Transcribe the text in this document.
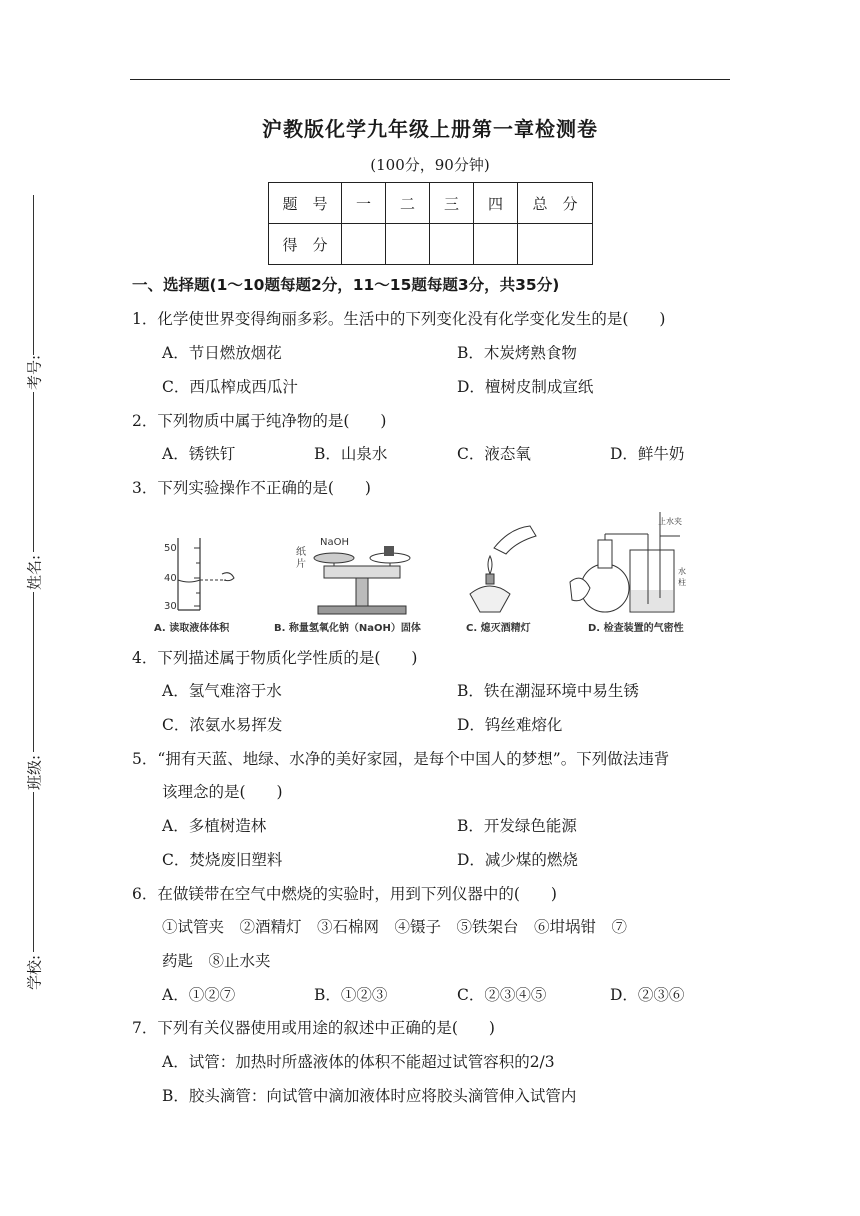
沪教版化学九年级上册第一章检测卷
(100分，90分钟)
题　号	一	二	三	四	总　分
得　分					
考号:
姓名:
班级:
学校:
一、选择题(1～10题每题2分，11～15题每题3分，共35分)
1．化学使世界变得绚丽多彩。生活中的下列变化没有化学变化发生的是(　　)
A．节日燃放烟花	B．木炭烤熟食物
C．西瓜榨成西瓜汁	D．檀树皮制成宣纸
2．下列物质中属于纯净物的是(　　)
A．锈铁钉	B．山泉水	C．液态氧	D．鲜牛奶
3．下列实验操作不正确的是(　　)
50
40
30
A. 读取液体体积
NaOH
纸
片
B. 称量氢氧化钠（NaOH）固体	C. 熄灭酒精灯
止水夹
水
柱
D. 检查装置的气密性
4．下列描述属于物质化学性质的是(　　)
A．氢气难溶于水	B．铁在潮湿环境中易生锈
C．浓氨水易挥发	D．钨丝难熔化
5．“拥有天蓝、地绿、水净的美好家园，是每个中国人的梦想”。下列做法违背
该理念的是(　　)
A．多植树造林	B．开发绿色能源
C．焚烧废旧塑料	D．减少煤的燃烧
6．在做镁带在空气中燃烧的实验时，用到下列仪器中的(　　)
①试管夹　②酒精灯　③石棉网　④镊子　⑤铁架台　⑥坩埚钳　⑦
药匙　⑧止水夹
A．①②⑦	B．①②③	C．②③④⑤	D．②③⑥
7．下列有关仪器使用或用途的叙述中正确的是(　　)
A．试管：加热时所盛液体的体积不能超过试管容积的2/3
B．胶头滴管：向试管中滴加液体时应将胶头滴管伸入试管内
